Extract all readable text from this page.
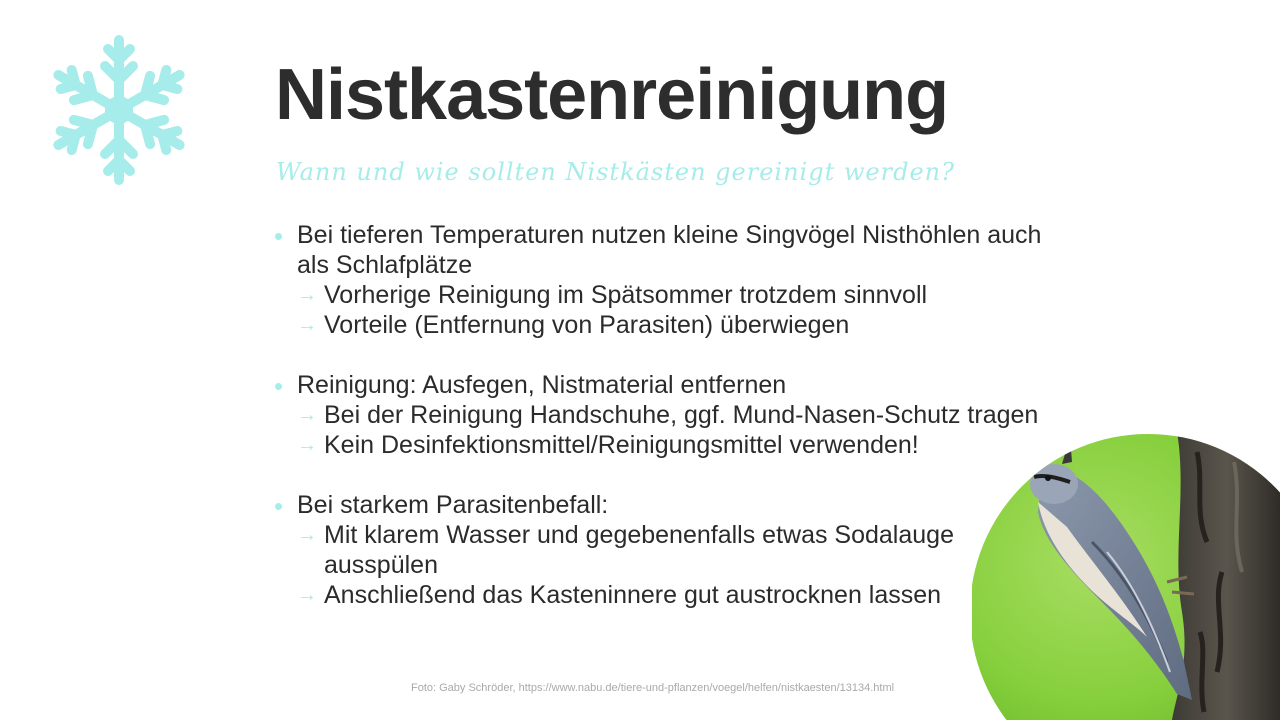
Nistkastenreinigung
Wann und wie sollten Nistkästen gereinigt werden?
Bei tieferen Temperaturen nutzen kleine Singvögel Nisthöhlen auch als Schlafplätze
→ Vorherige Reinigung im Spätsommer trotzdem sinnvoll
→ Vorteile (Entfernung von Parasiten) überwiegen
Reinigung: Ausfegen, Nistmaterial entfernen
→ Bei der Reinigung Handschuhe, ggf. Mund-Nasen-Schutz tragen
→ Kein Desinfektionsmittel/Reinigungsmittel verwenden!
Bei starkem Parasitenbefall:
→ Mit klarem Wasser und gegebenenfalls etwas Sodalauge ausspülen
→ Anschließend das Kasteninnere gut austrocknen lassen
Foto: Gaby Schröder, https://www.nabu.de/tiere-und-pflanzen/voegel/helfen/nistkaesten/13134.html
